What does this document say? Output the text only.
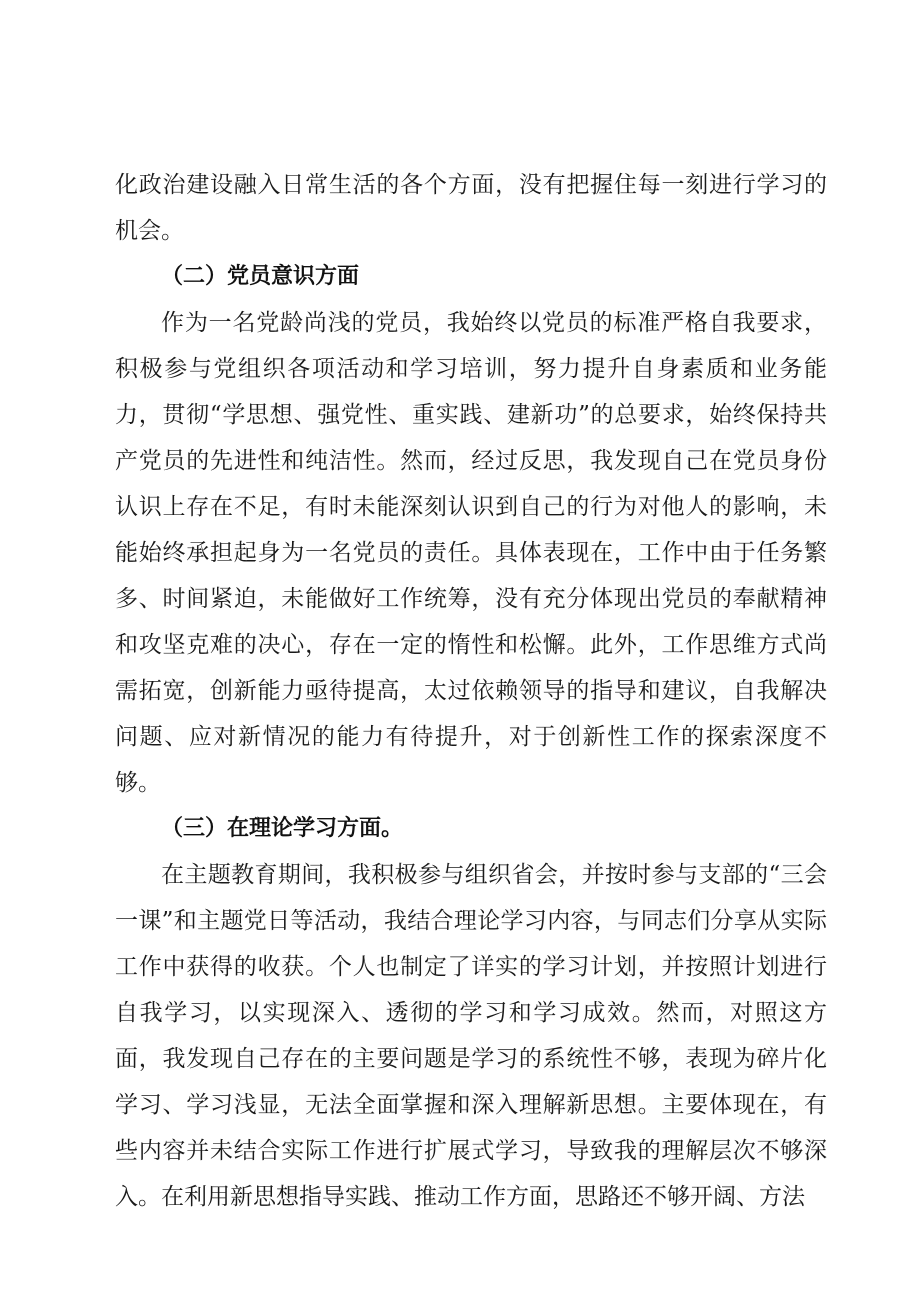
化政治建设融入日常生活的各个方面，没有把握住每一刻进行学习的机会。

（二）党员意识方面

作为一名党龄尚浅的党员，我始终以党员的标准严格自我要求，积极参与党组织各项活动和学习培训，努力提升自身素质和业务能力，贯彻“学思想、强党性、重实践、建新功”的总要求，始终保持共产党员的先进性和纯洁性。然而，经过反思，我发现自己在党员身份认识上存在不足，有时未能深刻认识到自己的行为对他人的影响，未能始终承担起身为一名党员的责任。具体表现在，工作中由于任务繁多、时间紧迫，未能做好工作统筹，没有充分体现出党员的奉献精神和攻坚克难的决心，存在一定的惰性和松懈。此外，工作思维方式尚需拓宽，创新能力亟待提高，太过依赖领导的指导和建议，自我解决问题、应对新情况的能力有待提升，对于创新性工作的探索深度不够。

（三）在理论学习方面。

在主题教育期间，我积极参与组织省会，并按时参与支部的“三会一课”和主题党日等活动，我结合理论学习内容，与同志们分享从实际工作中获得的收获。个人也制定了详实的学习计划，并按照计划进行自我学习，以实现深入、透彻的学习和学习成效。然而，对照这方面，我发现自己存在的主要问题是学习的系统性不够，表现为碎片化学习、学习浅显，无法全面掌握和深入理解新思想。主要体现在，有些内容并未结合实际工作进行扩展式学习，导致我的理解层次不够深入。在利用新思想指导实践、推动工作方面，思路还不够开阔、方法
